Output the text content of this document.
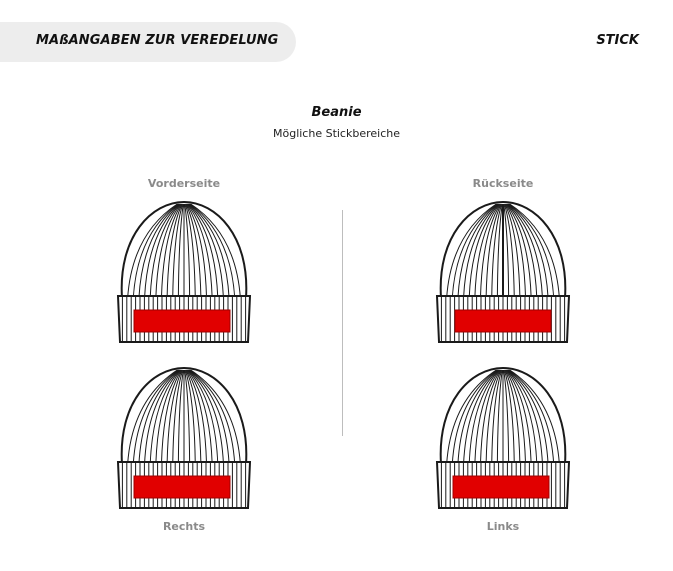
MAßANGABEN ZUR VEREDELUNG	STICK
Beanie
Mögliche Stickbereiche
Vorderseite	Rückseite
Rechts	Links
